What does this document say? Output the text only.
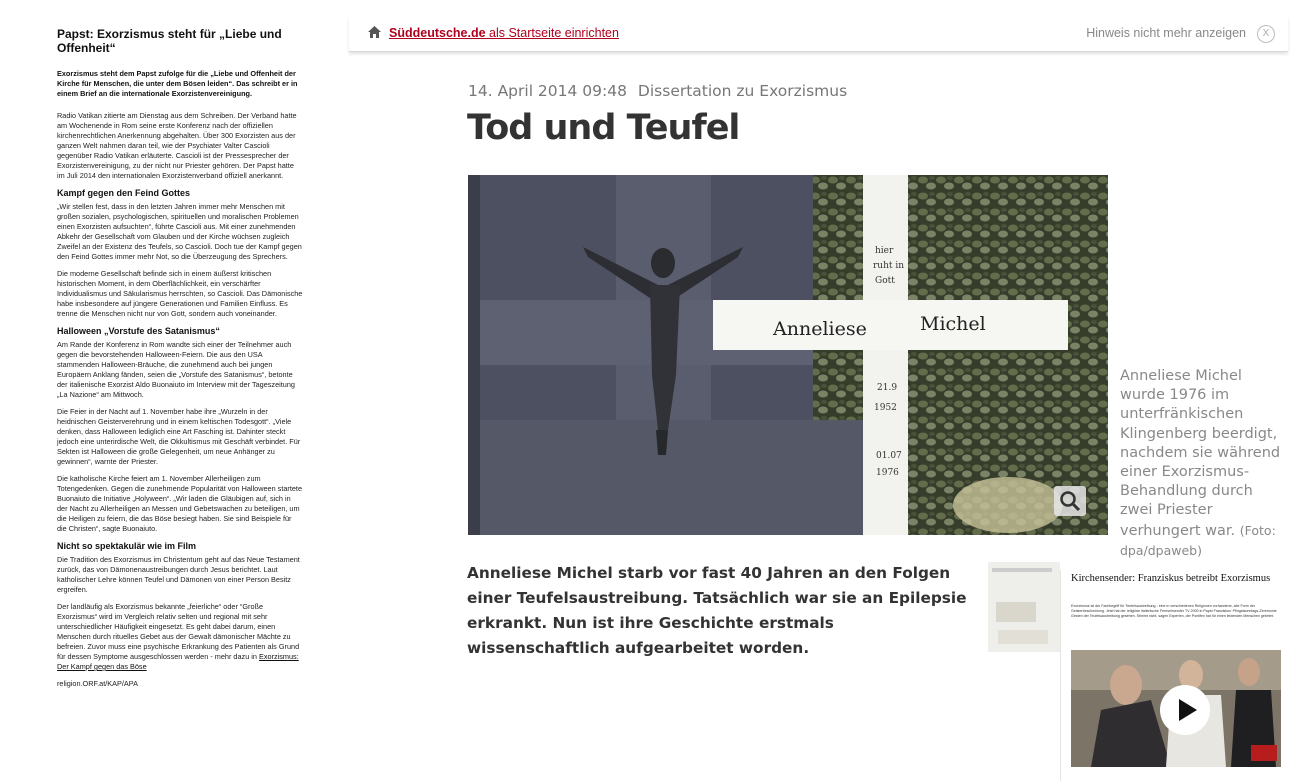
Papst: Exorzismus steht für „Liebe und Offenheit“

Exorzismus steht dem Papst zufolge für die „Liebe und Offenheit der Kirche für Menschen, die unter dem Bösen leiden“. Das schreibt er in einem Brief an die internationale Exorzistenvereinigung.

Radio Vatikan zitierte am Dienstag aus dem Schreiben. Der Verband hatte am Wochenende in Rom seine erste Konferenz nach der offiziellen kirchenrechtlichen Anerkennung abgehalten. Über 300 Exorzisten aus der ganzen Welt nahmen daran teil, wie der Psychiater Valter Cascioli gegenüber Radio Vatikan erläuterte. Cascioli ist der Pressesprecher der Exorzistenvereinigung, zu der nicht nur Priester gehören. Der Papst hatte im Juli 2014 den internationalen Exorzistenverband offiziell anerkannt.

Kampf gegen den Feind Gottes

„Wir stellen fest, dass in den letzten Jahren immer mehr Menschen mit großen sozialen, psychologischen, spirituellen und moralischen Problemen einen Exorzisten aufsuchten“, führte Cascioli aus. Mit einer zunehmenden Abkehr der Gesellschaft vom Glauben und der Kirche wüchsen zugleich Zweifel an der Existenz des Teufels, so Cascioli. Doch tue der Kampf gegen den Feind Gottes immer mehr Not, so die Überzeugung des Sprechers.

Die moderne Gesellschaft befinde sich in einem äußerst kritischen historischen Moment, in dem Oberflächlichkeit, ein verschärfter Individualismus und Säkularismus herrschten, so Cascioli. Das Dämonische habe insbesondere auf jüngere Generationen und Familien Einfluss. Es trenne die Menschen nicht nur von Gott, sondern auch voneinander.

Halloween „Vorstufe des Satanismus“

Am Rande der Konferenz in Rom wandte sich einer der Teilnehmer auch gegen die bevorstehenden Halloween-Feiern. Die aus den USA stammenden Halloween-Bräuche, die zunehmend auch bei jungen Europäern Anklang fänden, seien die „Vorstufe des Satanismus“, betonte der italienische Exorzist Aldo Buonaiuto im Interview mit der Tageszeitung „La Nazione“ am Mittwoch.

Die Feier in der Nacht auf 1. November habe ihre „Wurzeln in der heidnischen Geisterverehrung und in einem keltischen Todesgott“. „Viele denken, dass Halloween lediglich eine Art Fasching ist. Dahinter steckt jedoch eine unterirdische Welt, die Okkultismus mit Geschäft verbindet. Für Sekten ist Halloween die große Gelegenheit, um neue Anhänger zu gewinnen“, warnte der Priester.

Die katholische Kirche feiert am 1. November Allerheiligen zum Totengedenken. Gegen die zunehmende Popularität von Halloween startete Buonaiuto die Initiative „Holyween“. „Wir laden die Gläubigen auf, sich in der Nacht zu Allerheiligen an Messen und Gebetswachen zu beteiligen, um die Heiligen zu feiern, die das Böse besiegt haben. Sie sind Beispiele für die Christen“, sagte Buonaiuto.

Nicht so spektakulär wie im Film

Die Tradition des Exorzismus im Christentum geht auf das Neue Testament zurück, das von Dämonenaustreibungen durch Jesus berichtet. Laut katholischer Lehre können Teufel und Dämonen von einer Person Besitz ergreifen.

Der landläufig als Exorzismus bekannte „feierliche“ oder “Große Exorzismus“ wird im Vergleich relativ selten und regional mit sehr unterschiedlicher Häufigkeit eingesetzt. Es geht dabei darum, einen Menschen durch rituelles Gebet aus der Gewalt dämonischer Mächte zu befreien. Zuvor muss eine psychische Erkrankung des Patienten als Grund für dessen Symptome ausgeschlossen werden - mehr dazu in Exorzismus: Der Kampf gegen das Böse

religion.ORF.at/KAP/APA

Süddeutsche.de als Startseite einrichten	Hinweis nicht mehr anzeigen	X
14. April 2014 09:48 Dissertation zu Exorzismus
Tod und Teufel
Anneliese	Michel
hier
ruht in
Gott
21.9
1952
01.07
1976
Anneliese Michel wurde 1976 im unterfränkischen Klingenberg beerdigt, nachdem sie während einer Exorzismus-Behandlung durch zwei Priester verhungert war. (Foto: dpa/dpaweb)
Anneliese Michel starb vor fast 40 Jahren an den Folgen einer Teufelsaustreibung. Tatsächlich war sie an Epilepsie erkrankt. Nun ist ihre Geschichte erstmals wissenschaftlich aufgearbeitet worden.
Kirchensender: Franziskus betreibt Exorzismus
Exorzismus ist der Fachbegriff für Teufelsaustreibung - eine in verschiedenen Religionen vorhandene, alte Form der Geisterbeschwörung. Jetzt hat der religiöse italienische Fernsehsender TV 2000 in Papst Franziskus' Pfingstsonntags-Zeremonie Gesten der Teufelsaustreibung gesehen. Stimmt nicht, sagen Experten, der Pontifex hat für einen leidenden Menschen gebetet.
